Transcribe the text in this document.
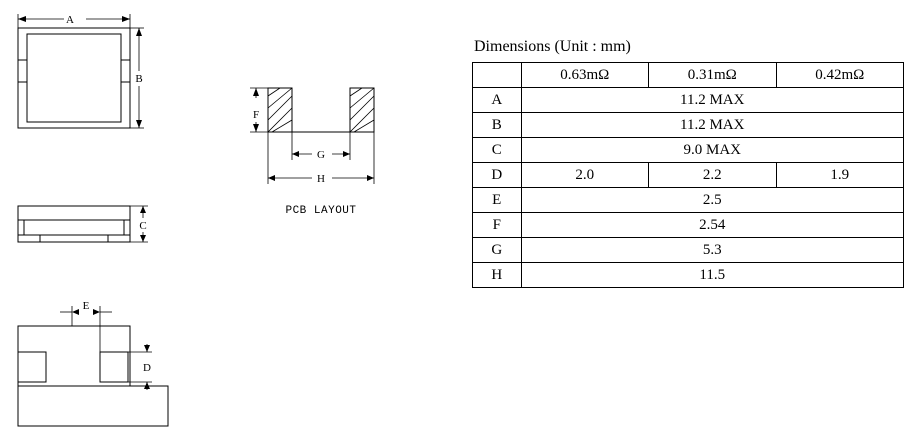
A
B
C
E
D
F
G
H
PCB LAYOUT
Dimensions (Unit : mm)
	0.63mΩ	0.31mΩ	0.42mΩ
A	11.2 MAX		
B	11.2 MAX		
C	9.0 MAX		
D	2.0	2.2	1.9
E	2.5		
F	2.54		
G	5.3		
H	11.5		
